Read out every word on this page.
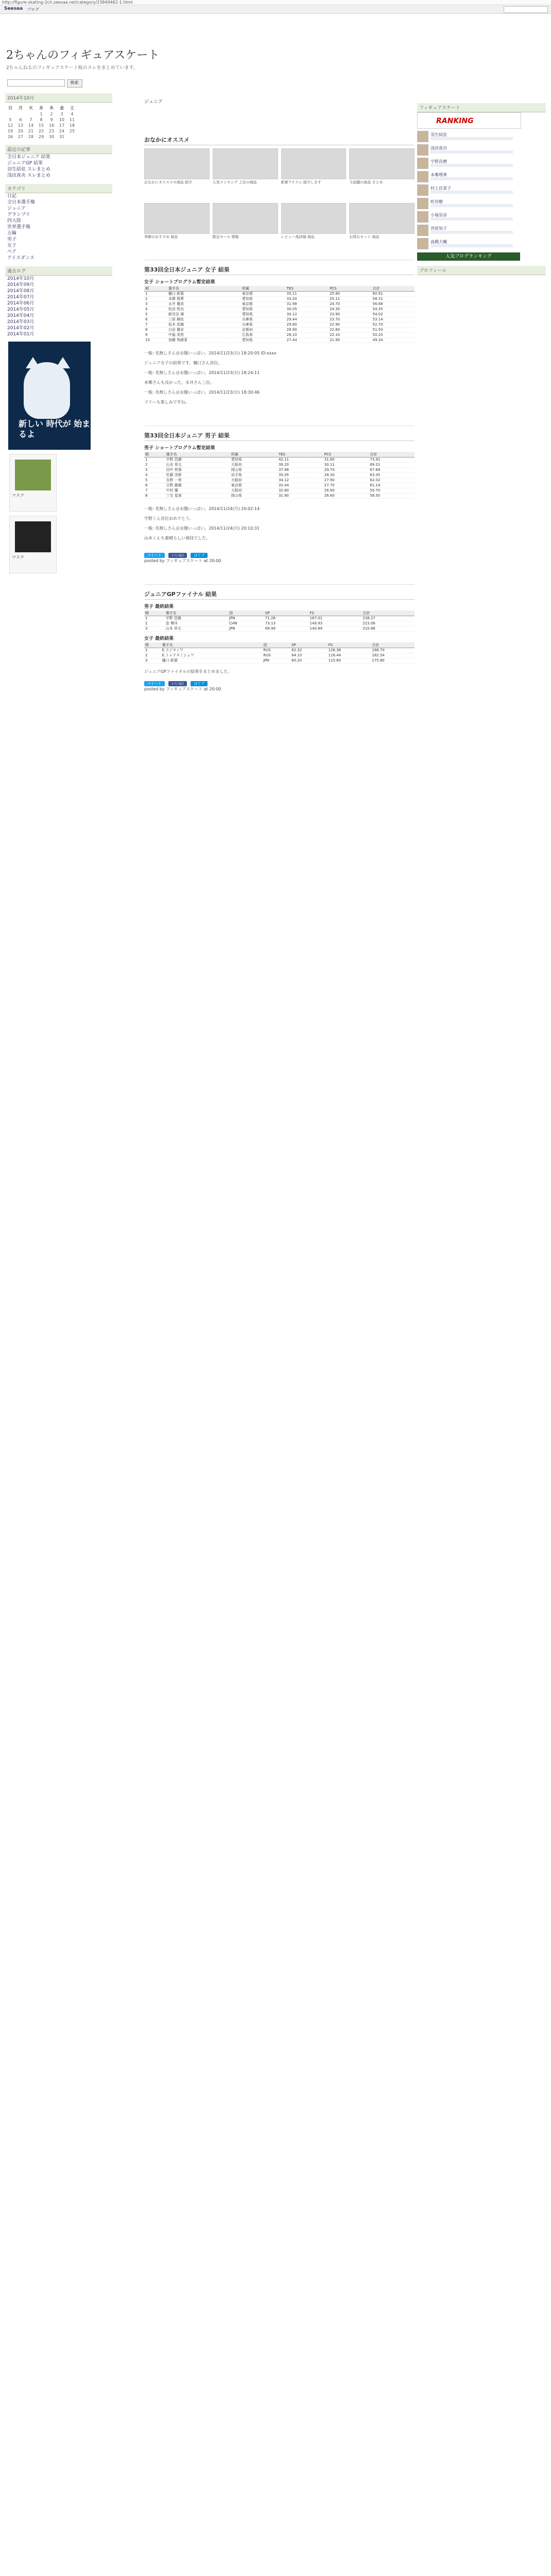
http://figure-skating-2ch.seesaa.net/category/23849462-1.html
Seesaa ブログ
2ちゃんのフィギュアスケート
2ちゃんねるのフィギュアスケート板のスレをまとめています。
検索
2014年10月
日	月	火	水	木	金	土
			1	2	3	4
5	6	7	8	9	10	11
12	13	14	15	16	17	18
19	20	21	22	23	24	25
26	27	28	29	30	31	
最近の記事
全日本ジュニア 結果
ジュニアGP 結果
羽生結弦 スレまとめ
浅田真央 スレまとめ
カテゴリ
日記
全日本選手権
ジュニア
グランプリ
四大陸
世界選手権
五輪
男子
女子
ペア
アイスダンス
過去ログ
2014年10月
2014年09月
2014年08月
2014年07月
2014年06月
2014年05月
2014年04月
2014年03月
2014年02月
2014年01月
新しい 時代が 始まるよ
マスク
マスク
ジュニア
おなかにオススメ
おなかにオススメの商品 紹介	人気ランキング 上位の商品	新着アイテム 紹介します	今話題の商品 まとめ
季節のおすすめ 商品	限定セール 情報	レビュー高評価 商品	お得なセット 商品
第33回全日本ジュニア 女子 結果
女子 ショートプログラム暫定結果
順	選手名	所属	TES	PCS	合計
1	樋口 新葉	東京都	35.11	25.80	60.91
2	本郷 理華	愛知県	33.20	25.11	58.31
3	永井 優香	東京都	31.98	24.70	56.68
4	松田 悠良	愛知県	30.05	24.30	54.35
5	新田谷 凜	愛知県	30.12	23.90	54.02
6	三原 舞依	兵庫県	29.44	23.70	53.14
7	坂本 花織	兵庫県	29.80	22.90	52.70
8	白岩 優奈	京都府	28.90	22.60	51.50
9	中塩 美悠	広島県	28.10	22.10	50.20
10	加藤 利緒菜	愛知県	27.44	21.90	49.34

一般: 名無しさん＠お腹いっぱい。2014/11/23(日) 18:20:05 ID:xxxx

ジュニア女子の結果です。樋口さん首位。

一般: 名無しさん＠お腹いっぱい。2014/11/23(日) 18:24:11

本郷さんも良かった。永井さん三位。

一般: 名無しさん＠お腹いっぱい。2014/11/23(日) 18:30:46

フリーも楽しみですね。

第33回全日本ジュニア 男子 結果
男子 ショートプログラム暫定結果
順	選手名	所属	TES	PCS	合計
1	宇野 昌磨	愛知県	42.11	31.80	73.91
2	山本 草太	大阪府	39.20	30.11	69.31
3	田中 刑事	岡山県	37.98	29.70	67.68
4	佐藤 洸彬	岩手県	35.05	28.30	63.35
5	友野 一希	大阪府	34.12	27.90	62.02
6	日野 龍樹	東京都	33.44	27.70	61.14
7	中村 優	大阪府	32.80	26.90	59.70
8	三宅 星南	岡山県	31.90	26.60	58.50

一般: 名無しさん＠お腹いっぱい。2014/11/24(月) 20:02:14

宇野くん首位おめでとう。

一般: 名無しさん＠お腹いっぱい。2014/11/24(月) 20:10:31

山本くんも素晴らしい演技でした。

ツイート	いいね!	はてブ
posted by フィギュアスケート at 20:00
ジュニアGPファイナル 結果
男子 最終結果
順	選手名	国	SP	FS	合計
1	宇野 昌磨	JPN	71.26	167.01	238.27
2	金 博洋	CHN	73.13	149.93	223.06
3	山本 草太	JPN	69.99	140.89	210.88
女子 最終結果
順	選手名	国	SP	FS	合計
1	E.ラジオノワ	RUS	62.32	126.38	188.70
2	E.トゥクタミシェワ	RUS	64.10	118.44	182.54
3	樋口 新葉	JPN	60.20	115.60	175.80
ジュニアGPファイナルの結果をまとめました。
ツイート	いいね!	はてブ
posted by フィギュアスケート at 20:00
フィギュアスケート
RANKING
羽生結弦
浅田真央
宇野昌磨
本郷理華
村上佳菜子
町田樹
小塚崇彦
宮原知子
高橋大輔
人気ブログランキング
プロフィール
